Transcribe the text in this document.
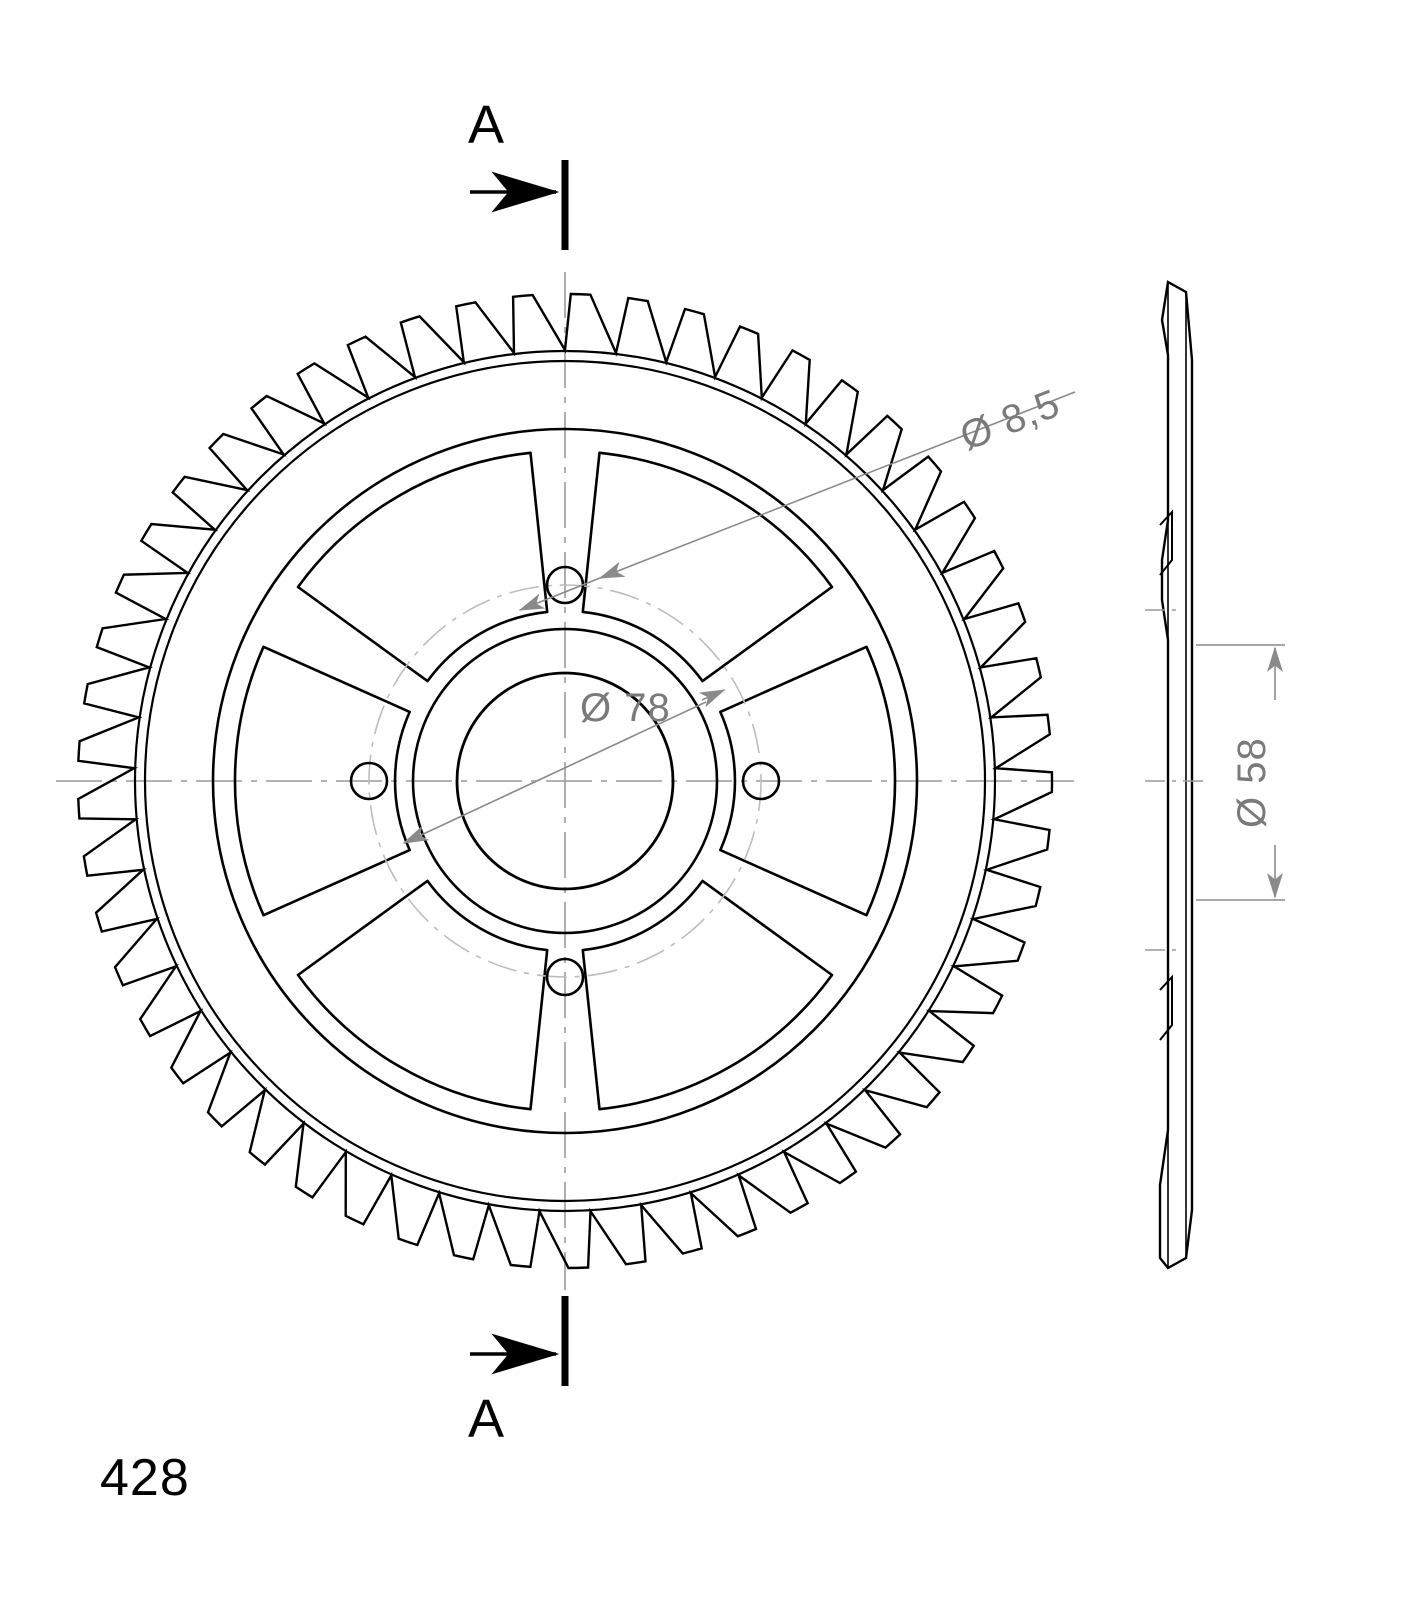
A
A
428
Ø 8,5
Ø 78
Ø 58
